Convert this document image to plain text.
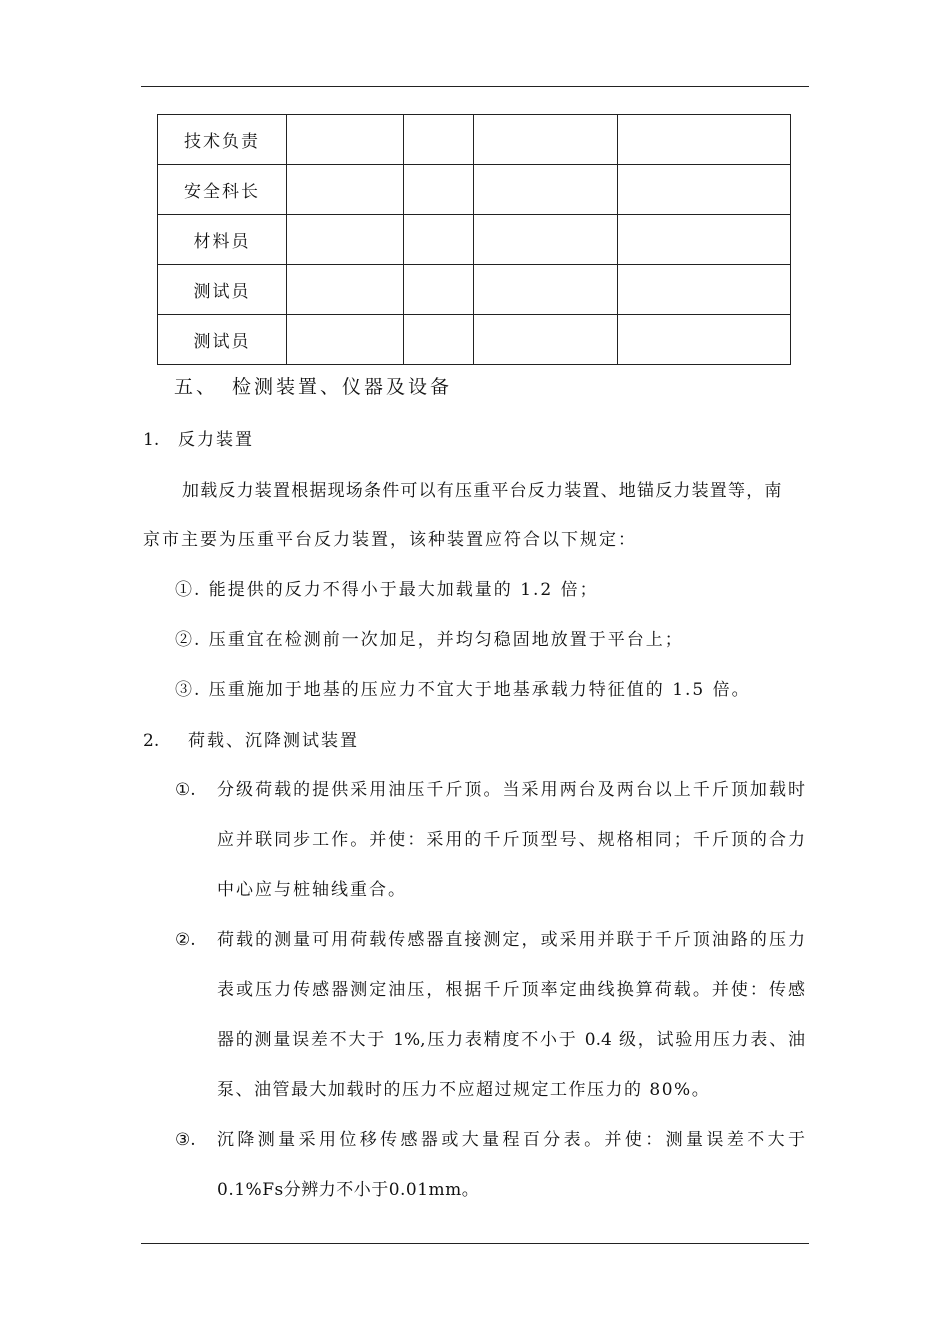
技术负责				
安全科长				
材料员				
测试员				
测试员				
五、 检测装置、仪器及设备
1. 反力装置
加载反力装置根据现场条件可以有压重平台反力装置、地锚反力装置等，南
京市主要为压重平台反力装置，该种装置应符合以下规定：
①. 能提供的反力不得小于最大加载量的 1.2 倍；
②. 压重宜在检测前一次加足，并均匀稳固地放置于平台上；
③. 压重施加于地基的压应力不宜大于地基承载力特征值的 1.5 倍。
2. 荷载、沉降测试装置
①. 分级荷载的提供采用油压千斤顶。当采用两台及两台以上千斤顶加载时
应并联同步工作。并使：采用的千斤顶型号、规格相同；千斤顶的合力
中心应与桩轴线重合。
②. 荷载的测量可用荷载传感器直接测定，或采用并联于千斤顶油路的压力
表或压力传感器测定油压，根据千斤顶率定曲线换算荷载。并使：传感
器的测量误差不大于 1%,压力表精度不小于 0.4 级，试验用压力表、油
泵、油管最大加载时的压力不应超过规定工作压力的 80%。
③. 沉降测量采用位移传感器或大量程百分表。并使：测量误差不大于
0.1%Fs分辨力不小于0.01mm。
